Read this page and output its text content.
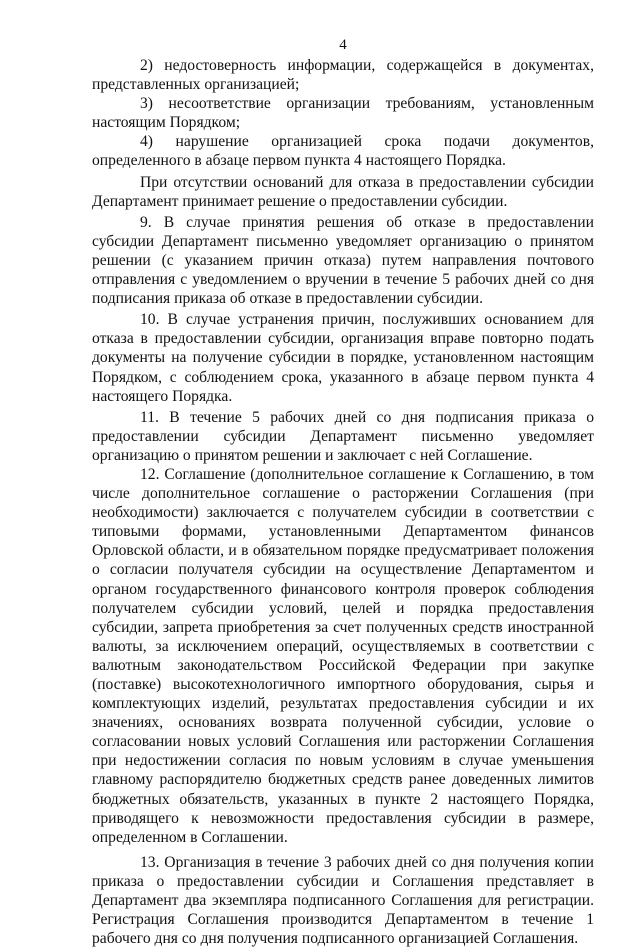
4

2) недостоверность информации, содержащейся в документах, представленных организацией;

3) несоответствие организации требованиям, установленным настоящим Порядком;

4) нарушение организацией срока подачи документов, определенного в абзаце первом пункта 4 настоящего Порядка.

При отсутствии оснований для отказа в предоставлении субсидии Департамент принимает решение о предоставлении субсидии.

9. В случае принятия решения об отказе в предоставлении субсидии Департамент письменно уведомляет организацию о принятом решении (с указанием причин отказа) путем направления почтового отправления с уведомлением о вручении в течение 5 рабочих дней со дня подписания приказа об отказе в предоставлении субсидии.

10. В случае устранения причин, послуживших основанием для отказа в предоставлении субсидии, организация вправе повторно подать документы на получение субсидии в порядке, установленном настоящим Порядком, с соблюдением срока, указанного в абзаце первом пункта 4 настоящего Порядка.

11. В течение 5 рабочих дней со дня подписания приказа о предоставлении субсидии Департамент письменно уведомляет организацию о принятом решении и заключает с ней Соглашение.

12. Соглашение (дополнительное соглашение к Соглашению, в том числе дополнительное соглашение о расторжении Соглашения (при необходимости) заключается с получателем субсидии в соответствии с типовыми формами, установленными Департаментом финансов Орловской области, и в обязательном порядке предусматривает положения о согласии получателя субсидии на осуществление Департаментом и органом государственного финансового контроля проверок соблюдения получателем субсидии условий, целей и порядка предоставления субсидии, запрета приобретения за счет полученных средств иностранной валюты, за исключением операций, осуществляемых в соответствии с валютным законодательством Российской Федерации при закупке (поставке) высокотехнологичного импортного оборудования, сырья и комплектующих изделий, результатах предоставления субсидии и их значениях, основаниях возврата полученной субсидии, условие о согласовании новых условий Соглашения или расторжении Соглашения при недостижении согласия по новым условиям в случае уменьшения главному распорядителю бюджетных средств ранее доведенных лимитов бюджетных обязательств, указанных в пункте 2 настоящего Порядка, приводящего к невозможности предоставления субсидии в размере, определенном в Соглашении.

13. Организация в течение 3 рабочих дней со дня получения копии приказа о предоставлении субсидии и Соглашения представляет в Департамент два экземпляра подписанного Соглашения для регистрации. Регистрация Соглашения производится Департаментом в течение 1 рабочего дня со дня получения подписанного организацией Соглашения.
